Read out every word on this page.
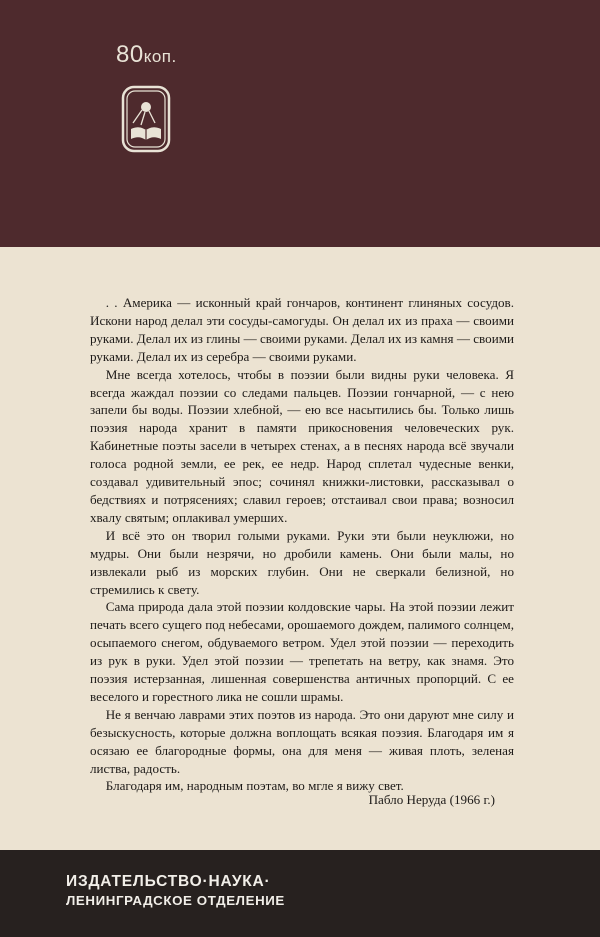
80коп.

. . Америка — исконный край гончаров, континент глиняных сосудов. Искони народ делал эти сосуды-самогуды. Он делал их из праха — своими руками. Делал их из глины — своими руками. Делал их из камня — своими руками. Делал их из серебра — своими руками.

Мне всегда хотелось, чтобы в поэзии были видны руки человека. Я всегда жаждал поэзии со следами пальцев. Поэзии гончарной, — с нею запели бы воды. Поэзии хлебной, — ею все насытились бы. Только лишь поэзия народа хранит в памяти прикосновения человеческих рук. Кабинетные поэты засели в четырех стенах, а в песнях народа всё звучали голоса родной земли, ее рек, ее недр. Народ сплетал чудесные венки, создавал удивительный эпос; сочинял книжки-листовки, рассказывал о бедствиях и потрясениях; славил героев; отстаивал свои права; возносил хвалу святым; оплакивал умерших.

И всё это он творил голыми руками. Руки эти были неуклюжи, но мудры. Они были незрячи, но дробили камень. Они были малы, но извлекали рыб из морских глубин. Они не сверкали белизной, но стремились к свету.

Сама природа дала этой поэзии колдовские чары. На этой поэзии лежит печать всего сущего под небесами, орошаемого дождем, палимого солнцем, осыпаемого снегом, обдуваемого ветром. Удел этой поэзии — переходить из рук в руки. Удел этой поэзии — трепетать на ветру, как знамя. Это поэзия истерзанная, лишенная совершенства античных пропорций. С ее веселого и горестного лика не сошли шрамы.

Не я венчаю лаврами этих поэтов из народа. Это они даруют мне силу и безыскусность, которые должна воплощать всякая поэзия. Благодаря им я осязаю ее благородные формы, она для меня — живая плоть, зеленая листва, радость.

Благодаря им, народным поэтам, во мгле я вижу свет.

Пабло Неруда (1966 г.)
ИЗДАТЕЛЬСТВО·НАУКА·
ЛЕНИНГРАДСКОЕ ОТДЕЛЕНИЕ
